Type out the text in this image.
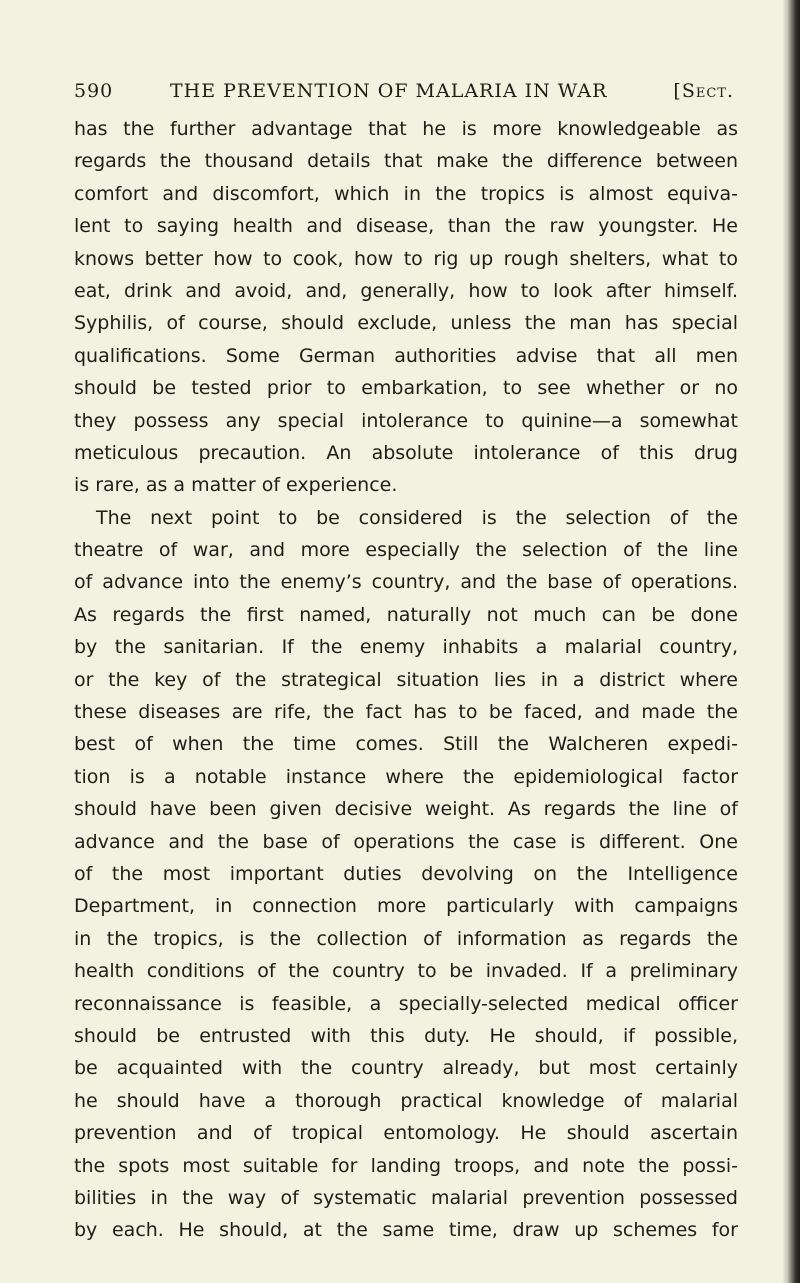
590	THE PREVENTION OF MALARIA IN WAR	[Sect.
has the further advantage that he is more knowledgeable as
regards the thousand details that make the difference between
comfort and discomfort, which in the tropics is almost equiva-
lent to saying health and disease, than the raw youngster. He
knows better how to cook, how to rig up rough shelters, what to
eat, drink and avoid, and, generally, how to look after himself.
Syphilis, of course, should exclude, unless the man has special
qualifications. Some German authorities advise that all men
should be tested prior to embarkation, to see whether or no
they possess any special intolerance to quinine—a somewhat
meticulous precaution. An absolute intolerance of this drug
is rare, as a matter of experience.
The next point to be considered is the selection of the
theatre of war, and more especially the selection of the line
of advance into the enemy’s country, and the base of operations.
As regards the first named, naturally not much can be done
by the sanitarian. If the enemy inhabits a malarial country,
or the key of the strategical situation lies in a district where
these diseases are rife, the fact has to be faced, and made the
best of when the time comes. Still the Walcheren expedi-
tion is a notable instance where the epidemiological factor
should have been given decisive weight. As regards the line of
advance and the base of operations the case is different. One
of the most important duties devolving on the Intelligence
Department, in connection more particularly with campaigns
in the tropics, is the collection of information as regards the
health conditions of the country to be invaded. If a preliminary
reconnaissance is feasible, a specially-selected medical officer
should be entrusted with this duty. He should, if possible,
be acquainted with the country already, but most certainly
he should have a thorough practical knowledge of malarial
prevention and of tropical entomology. He should ascertain
the spots most suitable for landing troops, and note the possi-
bilities in the way of systematic malarial prevention possessed
by each. He should, at the same time, draw up schemes for
